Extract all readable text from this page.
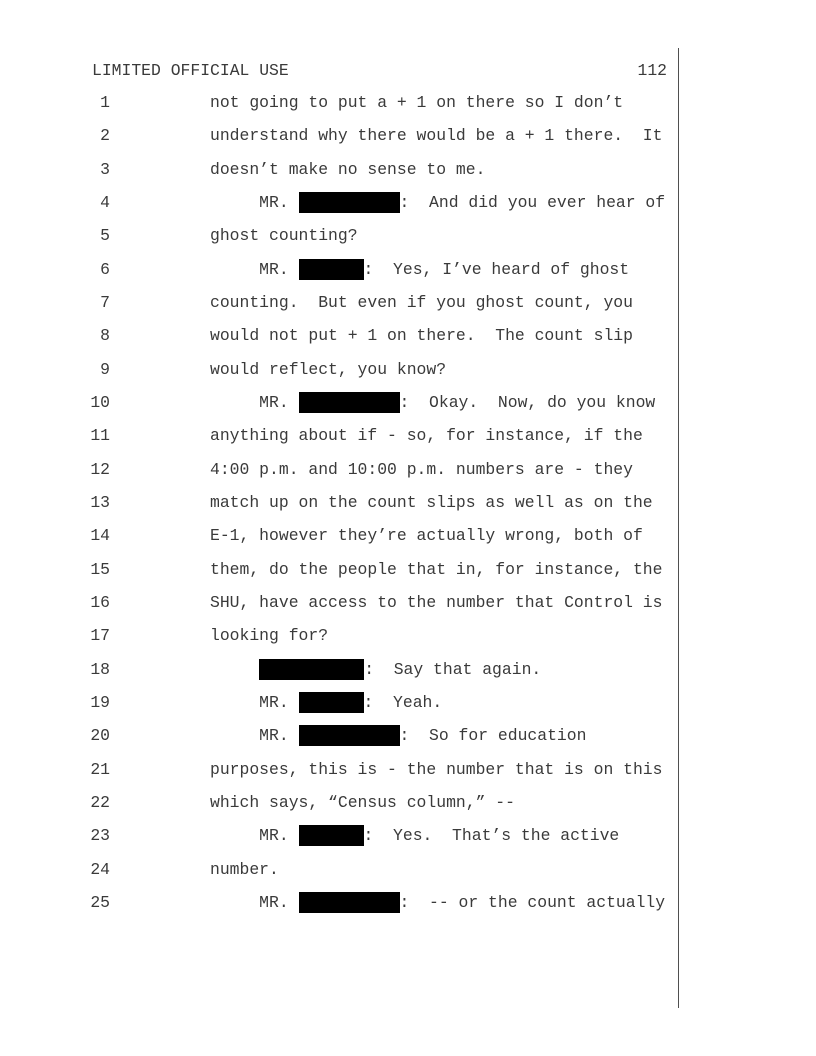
LIMITED OFFICIAL USE	112
1	not going to put a + 1 on there so I don’t
2	understand why there would be a + 1 there.  It
3	doesn’t make no sense to me.
4	MR.	:  And did you ever hear of
5	ghost counting?
6	MR.	:  Yes, I’ve heard of ghost
7	counting.  But even if you ghost count, you
8	would not put + 1 on there.  The count slip
9	would reflect, you know?
10	MR.	:  Okay.  Now, do you know
11	anything about if - so, for instance, if the
12	4:00 p.m. and 10:00 p.m. numbers are - they
13	match up on the count slips as well as on the
14	E-1, however they’re actually wrong, both of
15	them, do the people that in, for instance, the
16	SHU, have access to the number that Control is
17	looking for?
18	:  Say that again.
19	MR.	:  Yeah.
20	MR.	:  So for education
21	purposes, this is - the number that is on this
22	which says, “Census column,” --
23	MR.	:  Yes.  That’s the active
24	number.
25	MR.	:  -- or the count actually
